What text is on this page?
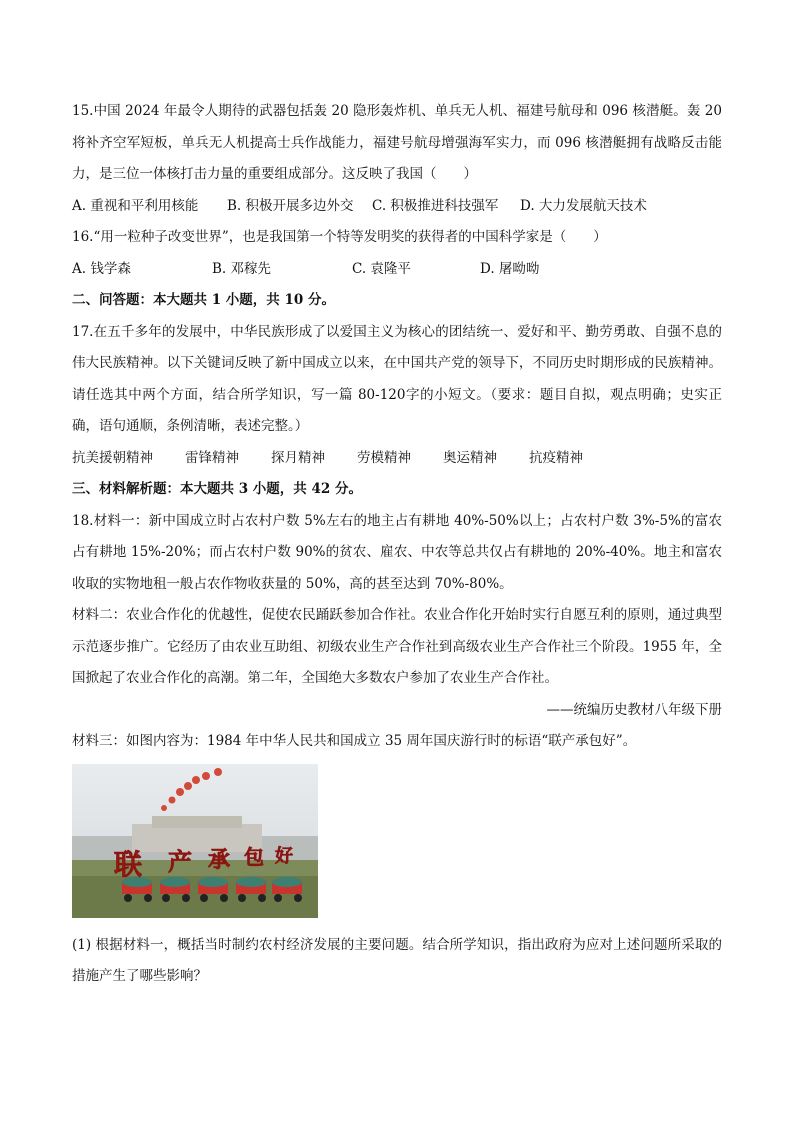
15.中国 2024 年最令人期待的武器包括轰 20 隐形轰炸机、单兵无人机、福建号航母和 096 核潜艇。轰 20 将补齐空军短板，单兵无人机提高士兵作战能力，福建号航母增强海军实力，而 096 核潜艇拥有战略反击能力，是三位一体核打击力量的重要组成部分。这反映了我国（　　）

A. 重视和平利用核能	B. 积极开展多边外交	C. 积极推进科技强军	D. 大力发展航天技术

16.“用一粒种子改变世界”，也是我国第一个特等发明奖的获得者的中国科学家是（　　）

A. 钱学森	B. 邓稼先	C. 袁隆平	D. 屠呦呦
二、问答题：本大题共 1 小题，共 10 分。

17.在五千多年的发展中，中华民族形成了以爱国主义为核心的团结统一、爱好和平、勤劳勇敢、自强不息的伟大民族精神。以下关键词反映了新中国成立以来，在中国共产党的领导下，不同历史时期形成的民族精神。请任选其中两个方面，结合所学知识，写一篇 80-120字的小短文。（要求：题目自拟，观点明确；史实正确，语句通顺，条例清晰，表述完整。）

抗美援朝精神 雷锋精神 探月精神 劳模精神 奥运精神 抗疫精神
三、材料解析题：本大题共 3 小题，共 42 分。

18.材料一：新中国成立时占农村户数 5%左右的地主占有耕地 40%-50%以上；占农村户数 3%-5%的富农占有耕地 15%-20%；而占农村户数 90%的贫农、雇农、中农等总共仅占有耕地的 20%-40%。地主和富农收取的实物地租一般占农作物收获量的 50%，高的甚至达到 70%-80%。

材料二：农业合作化的优越性，促使农民踊跃参加合作社。农业合作化开始时实行自愿互利的原则，通过典型示范逐步推广。它经历了由农业互助组、初级农业生产合作社到高级农业生产合作社三个阶段。1955 年，全国掀起了农业合作化的高潮。第二年，全国绝大多数农户参加了农业生产合作社。

——统编历史教材八年级下册

材料三：如图内容为：1984 年中华人民共和国成立 35 周年国庆游行时的标语“联产承包好”。

联 产 承 包 好

(1) 根据材料一，概括当时制约农村经济发展的主要问题。结合所学知识，指出政府为应对上述问题所采取的措施产生了哪些影响？
